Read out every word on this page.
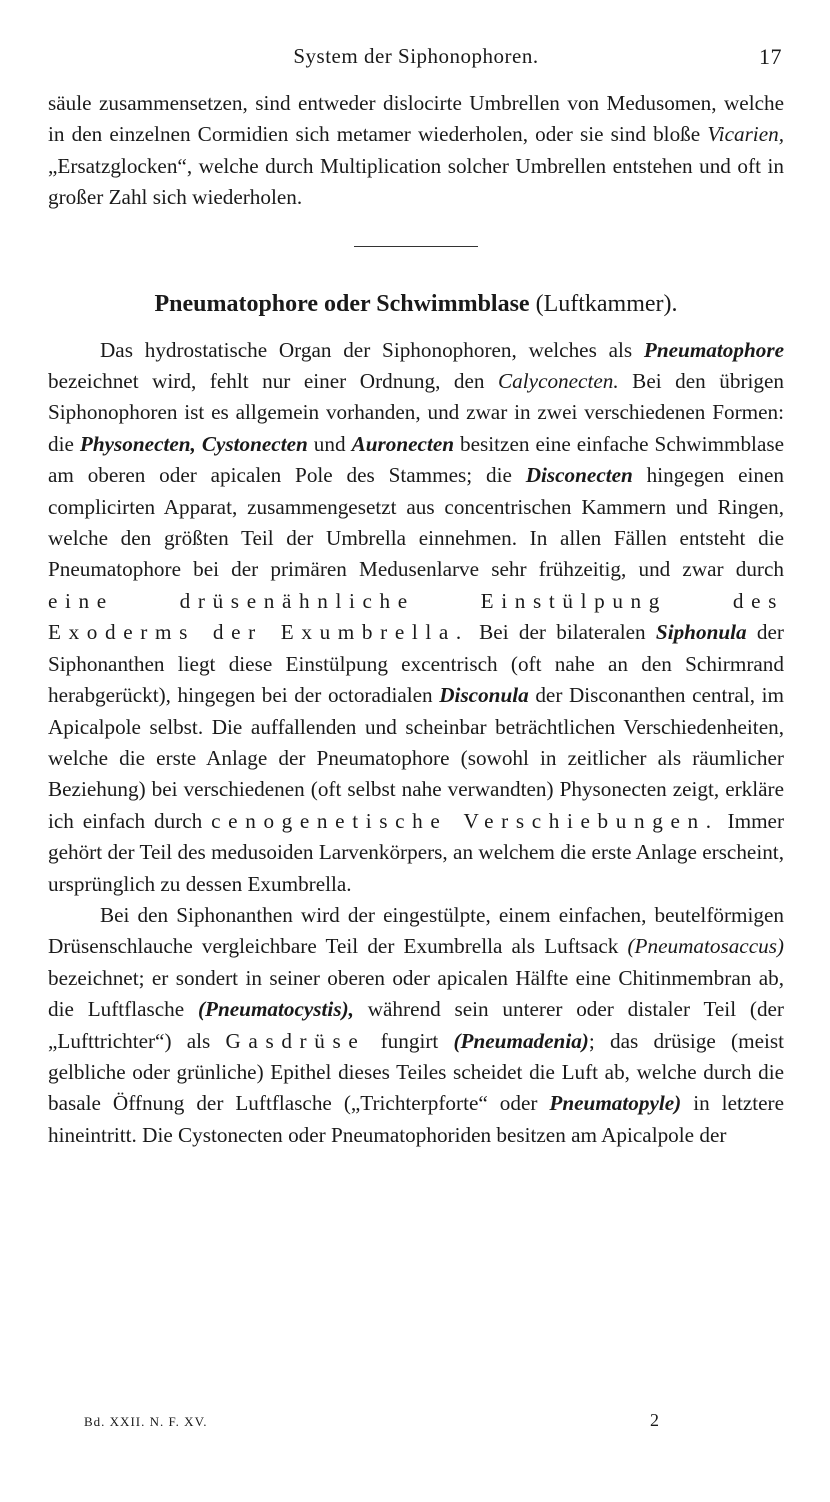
System der Siphonophoren.	17

säule zusammensetzen, sind entweder dislocirte Umbrellen von Medusomen, welche in den einzelnen Cormidien sich metamer wiederholen, oder sie sind bloße Vicarien, „Ersatzglocken“, welche durch Multiplication solcher Umbrellen entstehen und oft in großer Zahl sich wiederholen.

Pneumatophore oder Schwimmblase (Luftkammer).

Das hydrostatische Organ der Siphonophoren, welches als Pneumatophore bezeichnet wird, fehlt nur einer Ordnung, den Calyconecten. Bei den übrigen Siphonophoren ist es allgemein vorhanden, und zwar in zwei verschiedenen Formen: die Physonecten, Cystonecten und Auronecten besitzen eine einfache Schwimmblase am oberen oder apicalen Pole des Stammes; die Disconecten hingegen einen complicirten Apparat, zusammengesetzt aus concentrischen Kammern und Ringen, welche den größten Teil der Umbrella einnehmen. In allen Fällen entsteht die Pneumatophore bei der primären Medusenlarve sehr frühzeitig, und zwar durch eine drüsenähnliche Einstülpung des Exoderms der Exumbrella. Bei der bilateralen Siphonula der Siphonanthen liegt diese Einstülpung excentrisch (oft nahe an den Schirmrand herabgerückt), hingegen bei der octoradialen Disconula der Disconanthen central, im Apicalpole selbst. Die auffallenden und scheinbar beträchtlichen Verschiedenheiten, welche die erste Anlage der Pneumatophore (sowohl in zeitlicher als räumlicher Beziehung) bei verschiedenen (oft selbst nahe verwandten) Physonecten zeigt, erkläre ich einfach durch cenogenetische Verschiebungen. Immer gehört der Teil des medusoiden Larvenkörpers, an welchem die erste Anlage erscheint, ursprünglich zu dessen Exumbrella.

Bei den Siphonanthen wird der eingestülpte, einem einfachen, beutelförmigen Drüsenschlauche vergleichbare Teil der Exumbrella als Luftsack (Pneumatosaccus) bezeichnet; er sondert in seiner oberen oder apicalen Hälfte eine Chitinmembran ab, die Luftflasche (Pneumatocystis), während sein unterer oder distaler Teil (der „Lufttrichter“) als Gasdrüse fungirt (Pneumadenia); das drüsige (meist gelbliche oder grünliche) Epithel dieses Teiles scheidet die Luft ab, welche durch die basale Öffnung der Luftflasche („Trichterpforte“ oder Pneumatopyle) in letztere hineintritt. Die Cystonecten oder Pneumatophoriden besitzen am Apicalpole der

Bd. XXII. N. F. XV.	2
